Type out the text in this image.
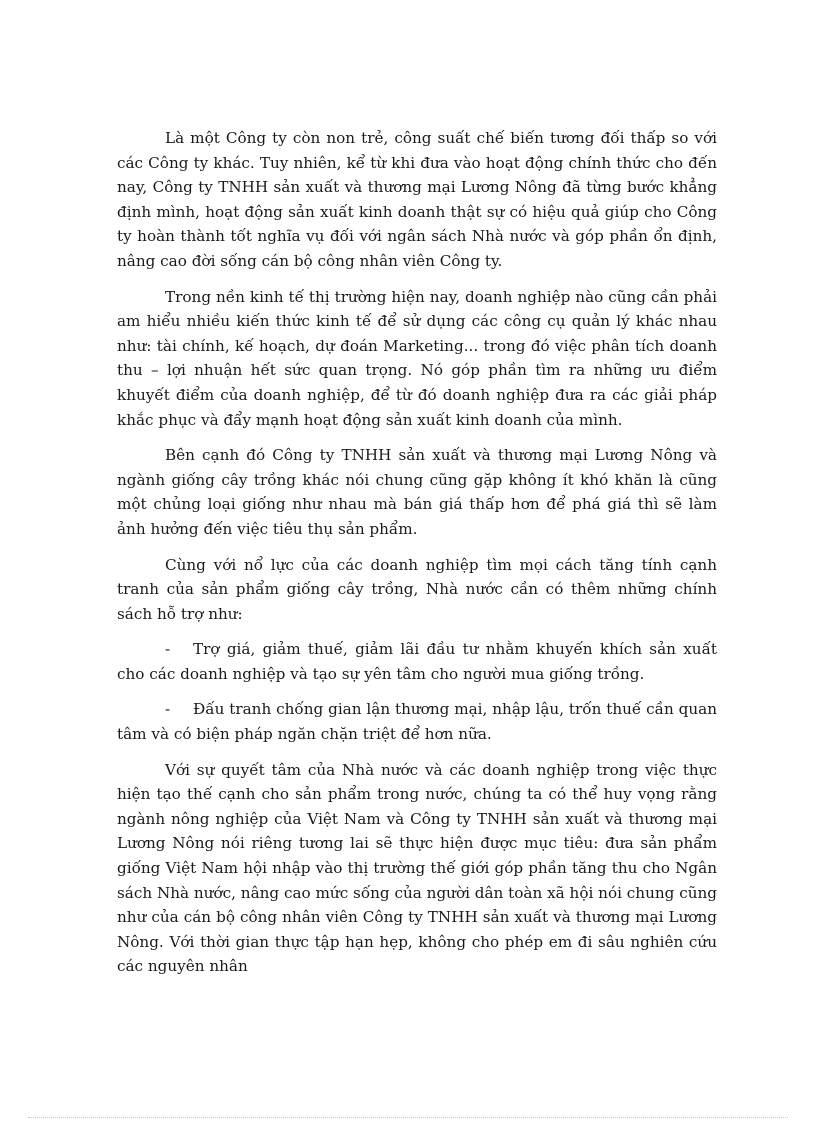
Là một Công ty còn non trẻ, công suất chế biến tương đối thấp so với các Công ty khác. Tuy nhiên, kể từ khi đưa vào hoạt động chính thức cho đến nay, Công ty TNHH sản xuất và thương mại Lương Nông đã từng bước khẳng định mình, hoạt động sản xuất kinh doanh thật sự có hiệu quả giúp cho Công ty hoàn thành tốt nghĩa vụ đối với ngân sách Nhà nước và góp phần ổn định, nâng cao đời sống cán bộ công nhân viên Công ty.

Trong nền kinh tế thị trường hiện nay, doanh nghiệp nào cũng cần phải am hiểu nhiều kiến thức kinh tế để sử dụng các công cụ quản lý khác nhau như: tài chính, kế hoạch, dự đoán Marketing... trong đó việc phân tích doanh thu – lợi nhuận hết sức quan trọng. Nó góp phần tìm ra những ưu điểm khuyết điểm của doanh nghiệp, để từ đó doanh nghiệp đưa ra các giải pháp khắc phục và đẩy mạnh hoạt động sản xuất kinh doanh của mình.

Bên cạnh đó Công ty TNHH sản xuất và thương mại Lương Nông và ngành giống cây trồng khác nói chung cũng gặp không ít khó khăn là cũng một chủng loại giống như nhau mà bán giá thấp hơn để phá giá thì sẽ làm ảnh hưởng đến việc tiêu thụ sản phẩm.

Cùng với nổ lực của các doanh nghiệp tìm mọi cách tăng tính cạnh tranh của sản phẩm giống cây trồng, Nhà nước cần có thêm những chính sách hỗ trợ như:

- Trợ giá, giảm thuế, giảm lãi đầu tư nhằm khuyến khích sản xuất cho các doanh nghiệp và tạo sự yên tâm cho người mua giống trồng.

- Đấu tranh chống gian lận thương mại, nhập lậu, trốn thuế cần quan tâm và có biện pháp ngăn chặn triệt để hơn nữa.

Với sự quyết tâm của Nhà nước và các doanh nghiệp trong việc thực hiện tạo thế cạnh cho sản phẩm trong nước, chúng ta có thể huy vọng rằng ngành nông nghiệp của Việt Nam và Công ty TNHH sản xuất và thương mại Lương Nông nói riêng tương lai sẽ thực hiện được mục tiêu: đưa sản phẩm giống Việt Nam hội nhập vào thị trường thế giới góp phần tăng thu cho Ngân sách Nhà nước, nâng cao mức sống của người dân toàn xã hội nói chung cũng như của cán bộ công nhân viên Công ty TNHH sản xuất và thương mại Lương Nông. Với thời gian thực tập hạn hẹp, không cho phép em đi sâu nghiên cứu các nguyên nhân
